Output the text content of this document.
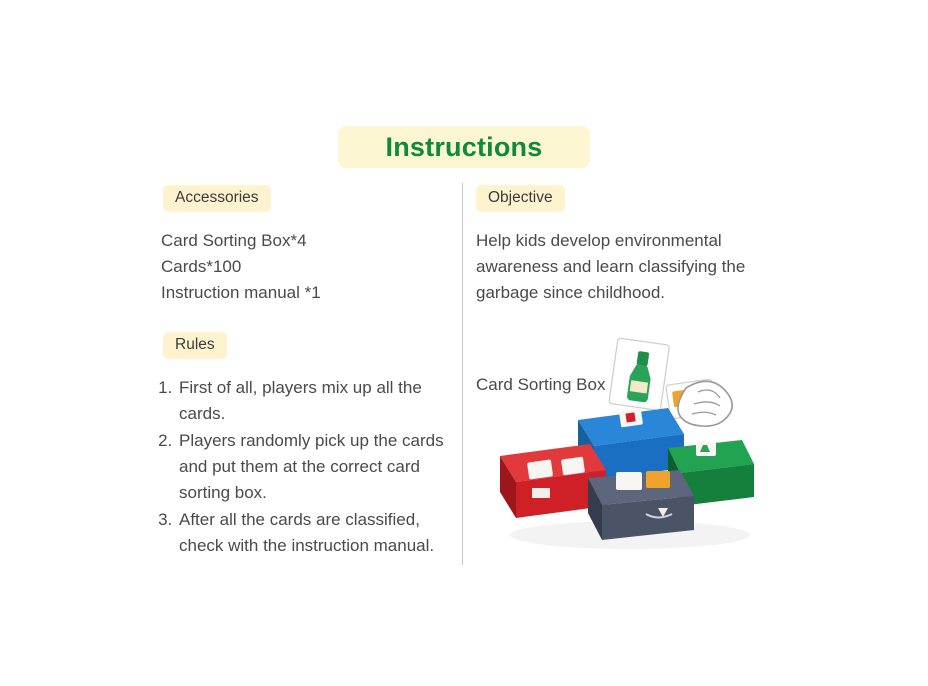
Instructions
Accessories
Card Sorting Box*4
Cards*100
Instruction manual *1
Rules
1. First of all, players mix up all the cards.
2. Players randomly pick up the cards and put them at the correct card sorting box.
3. After all the cards are classified, check with the instruction manual.
Objective

Help kids develop environmental awareness and learn classifying the garbage since childhood.

Card Sorting Box
